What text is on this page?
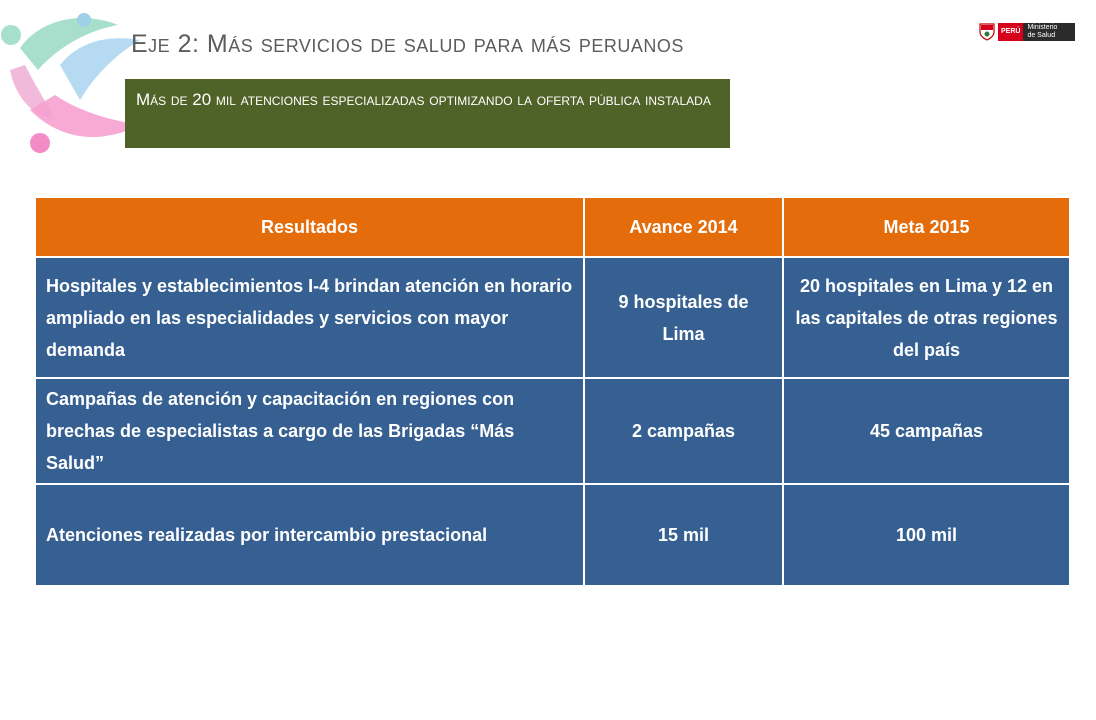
Eje 2: Más servicios de salud para más peruanos	PERÚ
Ministerio
de Salud
Más de 20 mil atenciones especializadas optimizando la oferta pública instalada
Resultados	Avance 2014	Meta 2015
Hospitales y establecimientos I-4 brindan atención en horario ampliado en las especialidades y servicios con mayor demanda	9 hospitales de Lima	20 hospitales en Lima y 12 en las capitales de otras regiones del país
Campañas de atención y capacitación en regiones con brechas de especialistas a cargo de las Brigadas “Más Salud”	2 campañas	45 campañas
Atenciones realizadas por intercambio prestacional	15 mil	100 mil
